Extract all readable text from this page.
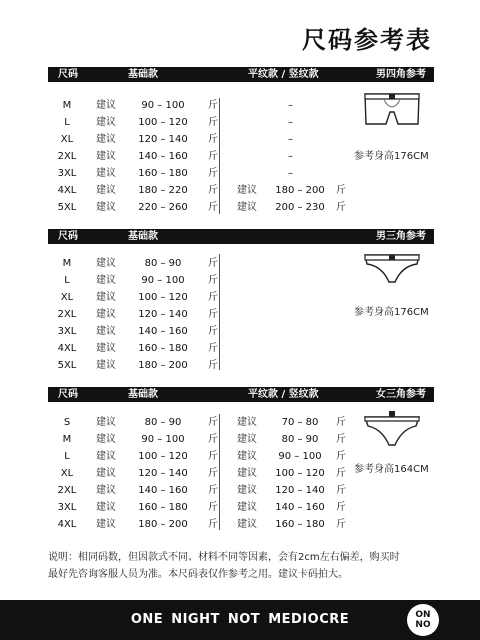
尺码参考表
尺码	基础款	平纹款 / 竖纹款	男四角参考
M	建议	90 – 100	斤	–
L	建议	100 – 120	斤	–
XL	建议	120 – 140	斤	–
2XL	建议	140 – 160	斤	–
3XL	建议	160 – 180	斤	–
4XL	建议	180 – 220	斤 建议	180 – 200	斤
5XL	建议	220 – 260	斤 建议	200 – 230	斤
参考身高176CM
尺码	基础款	男三角参考
M	建议	80 – 90	斤
L	建议	90 – 100	斤
XL	建议	100 – 120	斤
2XL	建议	120 – 140	斤
3XL	建议	140 – 160	斤
4XL	建议	160 – 180	斤
5XL	建议	180 – 200	斤
参考身高176CM
尺码	基础款	平纹款 / 竖纹款	女三角参考
S	建议	80 – 90	斤 建议	70 – 80	斤
M	建议	90 – 100	斤 建议	80 – 90	斤
L	建议	100 – 120	斤 建议	90 – 100	斤
XL	建议	120 – 140	斤 建议	100 – 120	斤
2XL	建议	140 – 160	斤 建议	120 – 140	斤
3XL	建议	160 – 180	斤 建议	140 – 160	斤
4XL	建议	180 – 200	斤 建议	160 – 180	斤
参考身高164CM
说明：相同码数，但因款式不同、材料不同等因素，会有2cm左右偏差，购买时
最好先咨询客服人员为准。本尺码表仅作参考之用。建议卡码拍大。
ONE NIGHT NOT MEDIOCRE	ON
NO
